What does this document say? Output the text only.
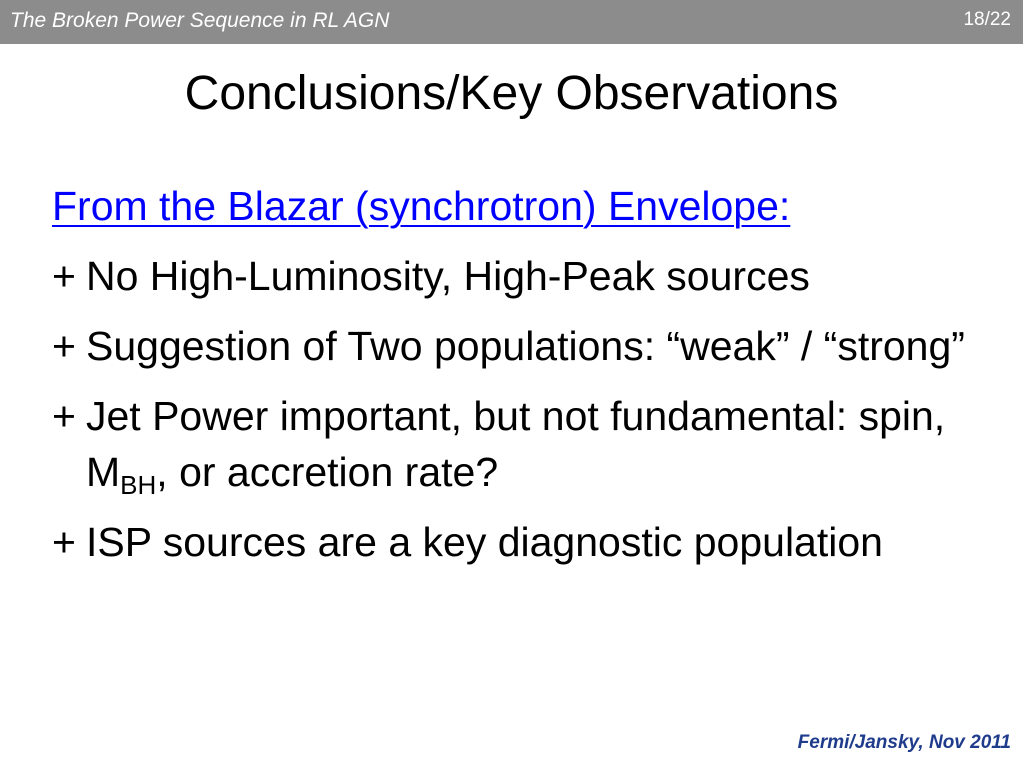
The Broken Power Sequence in RL AGN	18/22
Conclusions/Key Observations
From the Blazar (synchrotron) Envelope:
+ No High-Luminosity, High-Peak sources
+ Suggestion of Two populations: “weak” / “strong”
+ Jet Power important, but not fundamental: spin, $M_{BH}$, or accretion rate?
+ ISP sources are a key diagnostic population
Fermi/Jansky, Nov 2011
